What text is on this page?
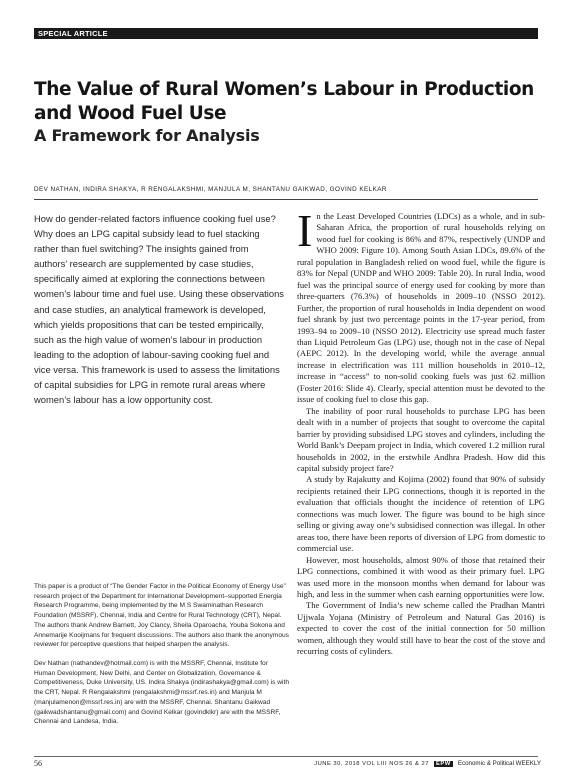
SPECIAL ARTICLE
The Value of Rural Women’s Labour in Production and Wood Fuel Use
A Framework for Analysis
DEV NATHAN, INDIRA SHAKYA, R RENGALAKSHMI, MANJULA M, SHANTANU GAIKWAD, GOVIND KELKAR

How do gender-related factors influence cooking fuel use? Why does an LPG capital subsidy lead to fuel stacking rather than fuel switching? The insights gained from authors’ research are supplemented by case studies, specifically aimed at exploring the connections between women’s labour time and fuel use. Using these observations and case studies, an analytical framework is developed, which yields propositions that can be tested empirically, such as the high value of women’s labour in production leading to the adoption of labour-saving cooking fuel and vice versa. This framework is used to assess the limitations of capital subsidies for LPG in remote rural areas where women’s labour has a low opportunity cost.

This paper is a product of “The Gender Factor in the Political Economy of Energy Use” research project of the Department for International Development–supported Energia Research Programme, being implemented by the M S Swaminathan Research Foundation (MSSRF), Chennai, India and Centre for Rural Technology (CRT), Nepal. The authors thank Andrew Barnett, Joy Clancy, Sheila Oparoacha, Youba Sokona and Annemarije Kooijmans for frequent discussions. The authors also thank the anonymous reviewer for perceptive questions that helped sharpen the analysis.

Dev Nathan (nathandev@hotmail.com) is with the MSSRF, Chennai, Institute for Human Development, New Delhi, and Center on Globalization, Governance & Competitiveness, Duke University, US. Indira Shakya (indirashakya@gmail.com) is with the CRT, Nepal. R Rengalakshmi (rengalakshmi@mssrf.res.in) and Manjula M (manjulamenon@mssrf.res.in) are with the MSSRF, Chennai. Shantanu Gaikwad (gaikwadshantanu@gmail.com) and Govind Kelkar (govindklkr) are with the MSSRF, Chennai and Landesa, India.

In the Least Developed Countries (LDCs) as a whole, and in sub-Saharan Africa, the proportion of rural households relying on wood fuel for cooking is 86% and 87%, respectively (UNDP and WHO 2009: Figure 10). Among South Asian LDCs, 89.6% of the rural population in Bangladesh relied on wood fuel, while the figure is 83% for Nepal (UNDP and WHO 2009: Table 20). In rural India, wood fuel was the principal source of energy used for cooking by more than three-quarters (76.3%) of households in 2009–10 (NSSO 2012). Further, the proportion of rural households in India dependent on wood fuel shrank by just two percentage points in the 17-year period, from 1993–94 to 2009–10 (NSSO 2012). Electricity use spread much faster than Liquid Petroleum Gas (LPG) use, though not in the case of Nepal (AEPC 2012). In the developing world, while the average annual increase in electrification was 111 million households in 2010–12, increase in “access” to non-solid cooking fuels was just 62 million (Foster 2016: Slide 4). Clearly, special attention must be devoted to the issue of cooking fuel to close this gap.

The inability of poor rural households to purchase LPG has been dealt with in a number of projects that sought to overcome the capital barrier by providing subsidised LPG stoves and cylinders, including the World Bank’s Deepam project in India, which covered 1.2 million rural households in 2002, in the erstwhile Andhra Pradesh. How did this capital subsidy project fare?

A study by Rajakutty and Kojima (2002) found that 90% of subsidy recipients retained their LPG connections, though it is reported in the evaluation that officials thought the incidence of retention of LPG connections was much lower. The figure was bound to be high since selling or giving away one’s subsidised connection was illegal. In other areas too, there have been reports of diversion of LPG from domestic to commercial use.

However, most households, almost 90% of those that retained their LPG connections, combined it with wood as their primary fuel. LPG was used more in the monsoon months when demand for labour was high, and less in the summer when cash earning opportunities were low.

The Government of India’s new scheme called the Pradhan Mantri Ujjwala Yojana (Ministry of Petroleum and Natural Gas 2016) is expected to cover the cost of the initial connection for 50 million women, although they would still have to bear the cost of the stove and recurring costs of cylinders.

56	JUNE 30, 2018 VOL LIII NOS 26 & 27 EPW Economic & Political WEEKLY
